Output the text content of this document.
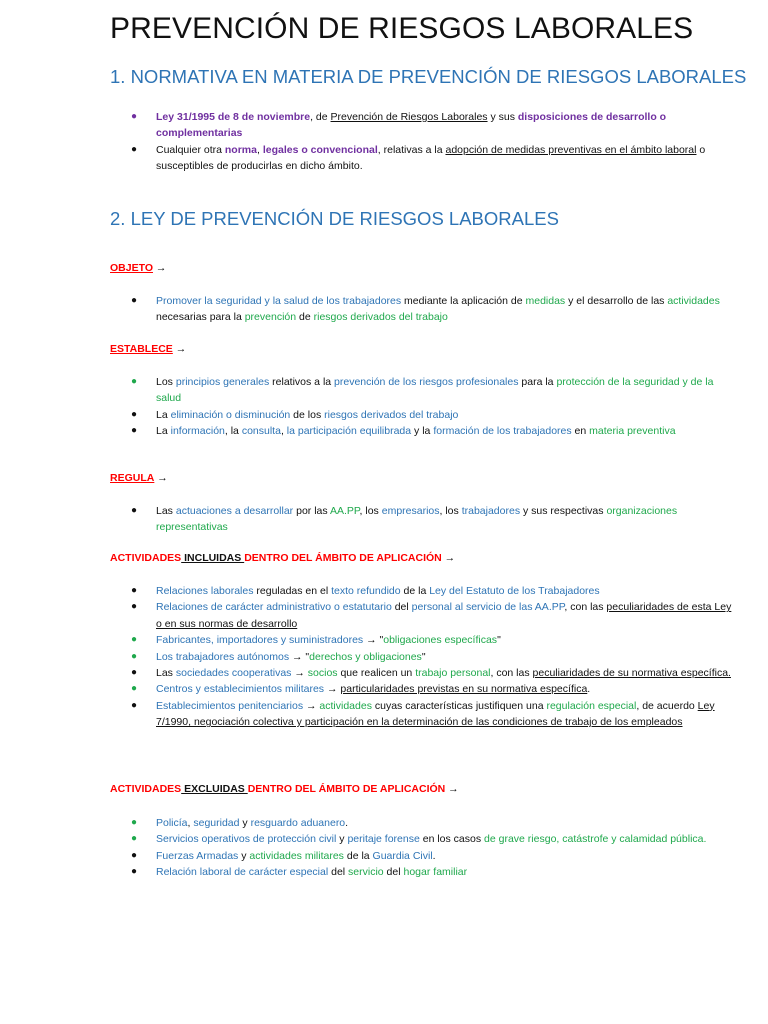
PREVENCIÓN DE RIESGOS LABORALES
1. NORMATIVA EN MATERIA DE PREVENCIÓN DE RIESGOS LABORALES
● Ley 31/1995 de 8 de noviembre, de Prevención de Riesgos Laborales y sus disposiciones de desarrollo o complementarias
● Cualquier otra norma, legales o convencional, relativas a la adopción de medidas preventivas en el ámbito laboral o susceptibles de producirlas en dicho ámbito.
2. LEY DE PREVENCIÓN DE RIESGOS LABORALES

OBJETO →

● Promover la seguridad y la salud de los trabajadores mediante la aplicación de medidas y el desarrollo de las actividades necesarias para la prevención de riesgos derivados del trabajo

ESTABLECE →

● Los principios generales relativos a la prevención de los riesgos profesionales para la protección de la seguridad y de la salud
● La eliminación o disminución de los riesgos derivados del trabajo
● La información, la consulta, la participación equilibrada y la formación de los trabajadores en materia preventiva

REGULA →

● Las actuaciones a desarrollar por las AA.PP, los empresarios, los trabajadores y sus respectivas organizaciones representativas

ACTIVIDADES INCLUIDAS DENTRO DEL ÁMBITO DE APLICACIÓN →

● Relaciones laborales reguladas en el texto refundido de la Ley del Estatuto de los Trabajadores
● Relaciones de carácter administrativo o estatutario del personal al servicio de las AA.PP, con las peculiaridades de esta Ley o en sus normas de desarrollo
● Fabricantes, importadores y suministradores → "obligaciones específicas"
● Los trabajadores autónomos → "derechos y obligaciones"
● Las sociedades cooperativas → socios que realicen un trabajo personal, con las peculiaridades de su normativa específica.
● Centros y establecimientos militares → particularidades previstas en su normativa específica.
● Establecimientos penitenciarios → actividades cuyas características justifiquen una regulación especial, de acuerdo Ley 7/1990, negociación colectiva y participación en la determinación de las condiciones de trabajo de los empleados

ACTIVIDADES EXCLUIDAS DENTRO DEL ÁMBITO DE APLICACIÓN →

● Policía, seguridad y resguardo aduanero.
● Servicios operativos de protección civil y peritaje forense en los casos de grave riesgo, catástrofe y calamidad pública.
● Fuerzas Armadas y actividades militares de la Guardia Civil.
● Relación laboral de carácter especial del servicio del hogar familiar
